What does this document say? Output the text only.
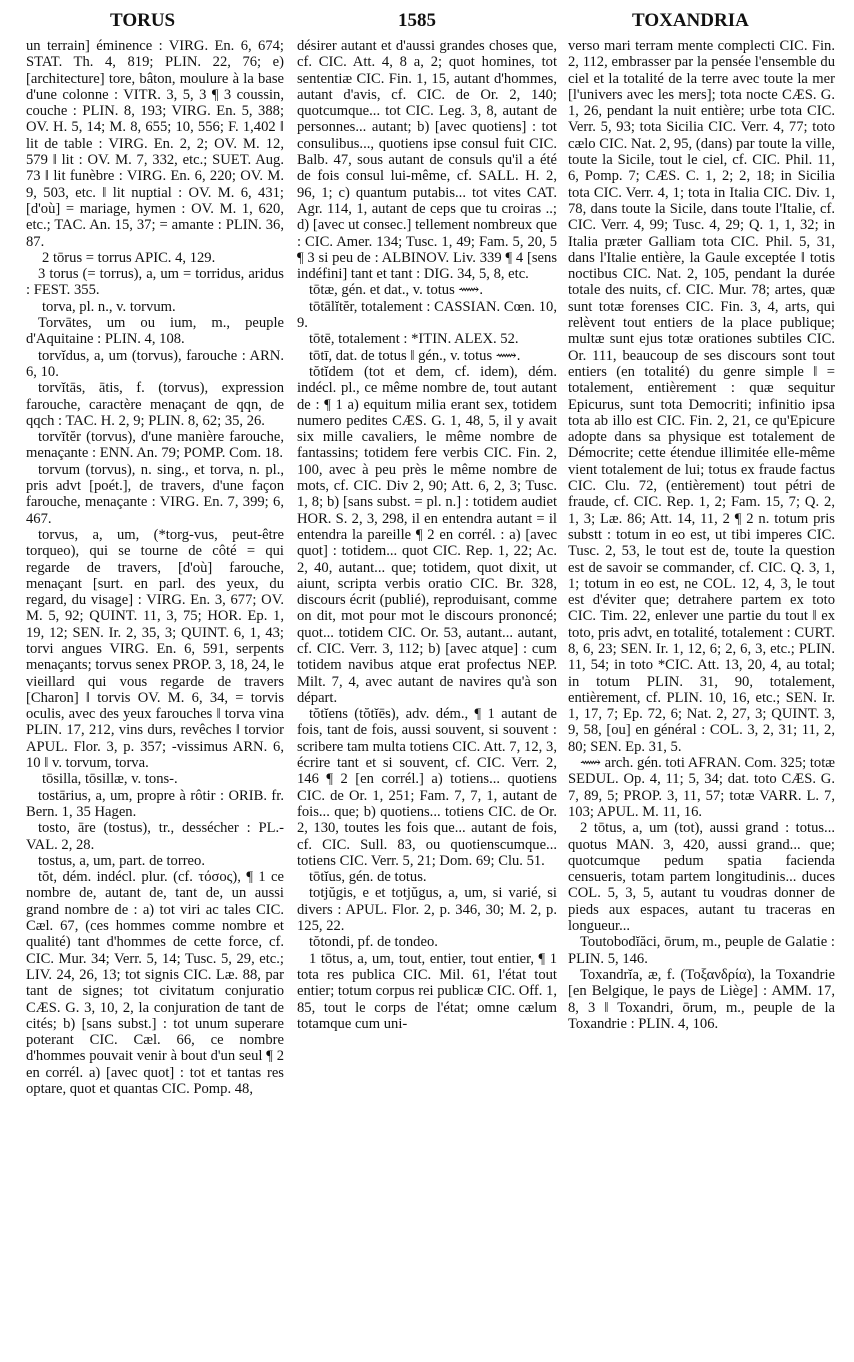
TORUS	1585	TOXANDRIA

un terrain] éminence : VIRG. En. 6, 674; STAT. Th. 4, 819; PLIN. 22, 76; e) [architecture] tore, bâton, moulure à la base d'une colonne : VITR. 3, 5, 3 ¶ 3 coussin, couche : PLIN. 8, 193; VIRG. En. 5, 388; OV. H. 5, 14; M. 8, 655; 10, 556; F. 1,402 ‖ lit de table : VIRG. En. 2, 2; OV. M. 12, 579 ‖ lit : OV. M. 7, 332, etc.; SUET. Aug. 73 ‖ lit funèbre : VIRG. En. 6, 220; OV. M. 9, 503, etc. ‖ lit nuptial : OV. M. 6, 431; [d'où] = mariage, hymen : OV. M. 1, 620, etc.; TAC. An. 15, 37; = amante : PLIN. 36, 87.

2 tōrus = torrus APIC. 4, 129.

3 torus (= torrus), a, um = torridus, aridus : FEST. 355.

torva, pl. n., v. torvum.

Torvātes, um ou ium, m., peuple d'Aquitaine : PLIN. 4, 108.

torvĭdus, a, um (torvus), farouche : ARN. 6, 10.

torvĭtās, ātis, f. (torvus), expression farouche, caractère menaçant de qqn, de qqch : TAC. H. 2, 9; PLIN. 8, 62; 35, 26.

torvĭtĕr (torvus), d'une manière farouche, menaçante : ENN. An. 79; POMP. Com. 18.

torvum (torvus), n. sing., et torva, n. pl., pris advt [poét.], de travers, d'une façon farouche, menaçante : VIRG. En. 7, 399; 6, 467.

torvus, a, um, (*torg-vus, peut-être torqueo), qui se tourne de côté = qui regarde de travers, [d'où] farouche, menaçant [surt. en parl. des yeux, du regard, du visage] : VIRG. En. 3, 677; OV. M. 5, 92; QUINT. 11, 3, 75; HOR. Ep. 1, 19, 12; SEN. Ir. 2, 35, 3; QUINT. 6, 1, 43; torvi angues VIRG. En. 6, 591, serpents menaçants; torvus senex PROP. 3, 18, 24, le vieillard qui vous regarde de travers [Charon] ‖ torvis OV. M. 6, 34, = torvis oculis, avec des yeux farouches ‖ torva vina PLIN. 17, 212, vins durs, revêches ‖ torvior APUL. Flor. 3, p. 357; -vissimus ARN. 6, 10 ‖ v. torvum, torva.

tōsilla, tōsillæ, v. tons-.

tostārius, a, um, propre à rôtir : ORIB. fr. Bern. 1, 35 Hagen.

tosto, āre (tostus), tr., dessécher : PL.-VAL. 2, 28.

tostus, a, um, part. de torreo.

tŏt, dém. indécl. plur. (cf. τόσος), ¶ 1 ce nombre de, autant de, tant de, un aussi grand nombre de : a) tot viri ac tales CIC. Cæl. 67, (ces hommes comme nombre et qualité) tant d'hommes de cette force, cf. CIC. Mur. 34; Verr. 5, 14; Tusc. 5, 29, etc.; LIV. 24, 26, 13; tot signis CIC. Læ. 88, par tant de signes; tot civitatum conjuratio CÆS. G. 3, 10, 2, la conjuration de tant de cités; b) [sans subst.] : tot unum superare poterant CIC. Cæl. 66, ce nombre d'hommes pouvait venir à bout d'un seul ¶ 2 en corrél. a) [avec quot] : tot et tantas res optare, quot et quantas CIC. Pomp. 48,

désirer autant et d'aussi grandes choses que, cf. CIC. Att. 4, 8 a, 2; quot homines, tot sententiæ CIC. Fin. 1, 15, autant d'hommes, autant d'avis, cf. CIC. de Or. 2, 140; quotcumque... tot CIC. Leg. 3, 8, autant de personnes... autant; b) [avec quotiens] : tot consulibus..., quotiens ipse consul fuit CIC. Balb. 47, sous autant de consuls qu'il a été de fois consul lui-même, cf. SALL. H. 2, 96, 1; c) quantum putabis... tot vites CAT. Agr. 114, 1, autant de ceps que tu croiras ..; d) [avec ut consec.] tellement nombreux que : CIC. Amer. 134; Tusc. 1, 49; Fam. 5, 20, 5 ¶ 3 si peu de : ALBINOV. Liv. 339 ¶ 4 [sens indéfini] tant et tant : DIG. 34, 5, 8, etc.

tōtæ, gén. et dat., v. totus ⟿.

tōtālĭtĕr, totalement : CASSIAN. Cœn. 10, 9.

tōtē, totalement : *ITIN. ALEX. 52.

tōtī, dat. de totus ‖ gén., v. totus ⟿.

tŏtĭdem (tot et dem, cf. idem), dém. indécl. pl., ce même nombre de, tout autant de : ¶ 1 a) equitum milia erant sex, totidem numero pedites CÆS. G. 1, 48, 5, il y avait six mille cavaliers, le même nombre de fantassins; totidem fere verbis CIC. Fin. 2, 100, avec à peu près le même nombre de mots, cf. CIC. Div 2, 90; Att. 6, 2, 3; Tusc. 1, 8; b) [sans subst. = pl. n.] : totidem audiet HOR. S. 2, 3, 298, il en entendra autant = il entendra la pareille ¶ 2 en corrél. : a) [avec quot] : totidem... quot CIC. Rep. 1, 22; Ac. 2, 40, autant... que; totidem, quot dixit, ut aiunt, scripta verbis oratio CIC. Br. 328, discours écrit (publié), reproduisant, comme on dit, mot pour mot le discours prononcé; quot... totidem CIC. Or. 53, autant... autant, cf. CIC. Verr. 3, 112; b) [avec atque] : cum totidem navibus atque erat profectus NEP. Milt. 7, 4, avec autant de navires qu'à son départ.

tŏtĭens (tŏtĭēs), adv. dém., ¶ 1 autant de fois, tant de fois, aussi souvent, si souvent : scribere tam multa totiens CIC. Att. 7, 12, 3, écrire tant et si souvent, cf. CIC. Verr. 2, 146 ¶ 2 [en corrél.] a) totiens... quotiens CIC. de Or. 1, 251; Fam. 7, 7, 1, autant de fois... que; b) quotiens... totiens CIC. de Or. 2, 130, toutes les fois que... autant de fois, cf. CIC. Sull. 83, ou quotienscumque... totiens CIC. Verr. 5, 21; Dom. 69; Clu. 51.

tōtĭus, gén. de totus.

totjŭgis, e et totjŭgus, a, um, si varié, si divers : APUL. Flor. 2, p. 346, 30; M. 2, p. 125, 22.

tŏtondi, pf. de tondeo.

1 tōtus, a, um, tout, entier, tout entier, ¶ 1 tota res publica CIC. Mil. 61, l'état tout entier; totum corpus rei publicæ CIC. Off. 1, 85, tout le corps de l'état; omne cælum totamque cum uni-

verso mari terram mente complecti CIC. Fin. 2, 112, embrasser par la pensée l'ensemble du ciel et la totalité de la terre avec toute la mer [l'univers avec les mers]; tota nocte CÆS. G. 1, 26, pendant la nuit entière; urbe tota CIC. Verr. 5, 93; tota Sicilia CIC. Verr. 4, 77; toto cælo CIC. Nat. 2, 95, (dans) par toute la ville, toute la Sicile, tout le ciel, cf. CIC. Phil. 11, 6, Pomp. 7; CÆS. C. 1, 2; 2, 18; in Sicilia tota CIC. Verr. 4, 1; tota in Italia CIC. Div. 1, 78, dans toute la Sicile, dans toute l'Italie, cf. CIC. Verr. 4, 99; Tusc. 4, 29; Q. 1, 1, 32; in Italia præter Galliam tota CIC. Phil. 5, 31, dans l'Italie entière, la Gaule exceptée ‖ totis noctibus CIC. Nat. 2, 105, pendant la durée totale des nuits, cf. CIC. Mur. 78; artes, quæ sunt totæ forenses CIC. Fin. 3, 4, arts, qui relèvent tout entiers de la place publique; multæ sunt ejus totæ orationes subtiles CIC. Or. 111, beaucoup de ses discours sont tout entiers (en totalité) du genre simple ‖ = totalement, entièrement : quæ sequitur Epicurus, sunt tota Democriti; infinitio ipsa tota ab illo est CIC. Fin. 2, 21, ce qu'Epicure adopte dans sa physique est totalement de Démocrite; cette étendue illimitée elle-même vient totalement de lui; totus ex fraude factus CIC. Clu. 72, (entièrement) tout pétri de fraude, cf. CIC. Rep. 1, 2; Fam. 15, 7; Q. 2, 1, 3; Læ. 86; Att. 14, 11, 2 ¶ 2 n. totum pris substt : totum in eo est, ut tibi imperes CIC. Tusc. 2, 53, le tout est de, toute la question est de savoir se commander, cf. CIC. Q. 3, 1, 1; totum in eo est, ne COL. 12, 4, 3, le tout est d'éviter que; detrahere partem ex toto CIC. Tim. 22, enlever une partie du tout ‖ ex toto, pris advt, en totalité, totalement : CURT. 8, 6, 23; SEN. Ir. 1, 12, 6; 2, 6, 3, etc.; PLIN. 11, 54; in toto *CIC. Att. 13, 20, 4, au total; in totum PLIN. 31, 90, totalement, entièrement, cf. PLIN. 10, 16, etc.; SEN. Ir. 1, 17, 7; Ep. 72, 6; Nat. 2, 27, 3; QUINT. 3, 9, 58, [ou] en général : COL. 3, 2, 31; 11, 2, 80; SEN. Ep. 31, 5.

⟿ arch. gén. toti AFRAN. Com. 325; totæ SEDUL. Op. 4, 11; 5, 34; dat. toto CÆS. G. 7, 89, 5; PROP. 3, 11, 57; totæ VARR. L. 7, 103; APUL. M. 11, 16.

2 tōtus, a, um (tot), aussi grand : totus... quotus MAN. 3, 420, aussi grand... que; quotcumque pedum spatia facienda censueris, totam partem longitudinis... duces COL. 5, 3, 5, autant tu voudras donner de pieds aux espaces, autant tu traceras en longueur...

Toutobodĭăci, ōrum, m., peuple de Galatie : PLIN. 5, 146.

Toxandrĭa, æ, f. (Τοξανδρία), la Toxandrie [en Belgique, le pays de Liège] : AMM. 17, 8, 3 ‖ Toxandri, ōrum, m., peuple de la Toxandrie : PLIN. 4, 106.
